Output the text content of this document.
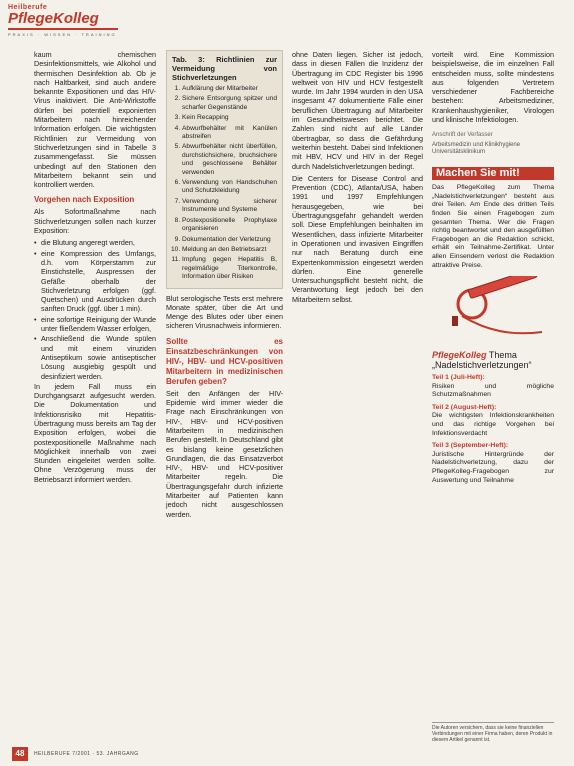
Heilberufe
PflegeKolleg
PRAXIS · WISSEN · TRAINING

kaum chemischen Desinfektionsmittels, wie Alkohol und thermischen Desinfektion ab. Ob je nach Haltbarkeit, sind auch andere bekannte Expositionen und das HIV-Virus inaktiviert. Die Anti-Wirkstoffe dürfen bei potentiell exponierten Mitarbeitern nach hinreichender Information erfolgen. Die wichtigsten Richtlinien zur Vermeidung von Stichverletzungen sind in Tabelle 3 zusammengefasst. Sie müssen unbedingt auf den Stationen den Mitarbeitern bekannt sein und kontrolliert werden.

Vorgehen nach Exposition

Als Sofortmaßnahme nach Stichverletzungen sollen nach kurzer Exposition:

• die Blutung angeregt werden,
• eine Kompression des Umfangs, d.h. vom Körperstamm zur Einstichstelle, Auspressen der Gefäße oberhalb der Stichverletzung erfolgen (ggf. Quetschen) und Ausdrücken durch sanften Druck (ggf. über 1 min).
• eine sofortige Reinigung der Wunde unter fließendem Wasser erfolgen,
• Anschließend die Wunde spülen und mit einem viruziden Antiseptikum sowie antiseptischer Lösung ausgiebig gespült und desinfiziert werden.

In jedem Fall muss ein Durchgangsarzt aufgesucht werden. Die Dokumentation und Infektionsrisiko mit Hepatitis-Übertragung muss bereits am Tag der Exposition erfolgen, wobei die postexpositionelle Maßnahme nach Möglichkeit innerhalb von zwei Stunden eingeleitet werden sollte. Ohne Verzögerung muss der Betriebsarzt informiert werden.

Tab. 3: Richtlinien zur Vermeidung von Stichverletzungen
1. Aufklärung der Mitarbeiter
2. Sichere Entsorgung spitzer und scharfer Gegenstände
3. Kein Recapping
4. Abwurfbehälter mit Kanülen abstreifen
5. Abwurfbehälter nicht überfüllen, durchstichsichere, bruchsichere und geschlossene Behälter verwenden
6. Verwendung von Handschuhen und Schutzkleidung
7. Verwendung sicherer Instrumente und Systeme
8. Postexpositionelle Prophylaxe organisieren
9. Dokumentation der Verletzung
10. Meldung an den Betriebsarzt
11. Impfung gegen Hepatitis B, regelmäßige Titerkontrolle, Information über Risiken

Blut serologische Tests erst mehrere Monate später, über die Art und Menge des Blutes oder über einen sicheren Virusnachweis informieren.

Sollte es Einsatzbeschränkungen von HIV-, HBV- und HCV-positiven Mitarbeitern in medizinischen Berufen geben?

Seit den Anfängen der HIV-Epidemie wird immer wieder die Frage nach Einschränkungen von HIV-, HBV- und HCV-positiven Mitarbeitern in medizinischen Berufen gestellt. In Deutschland gibt es bislang keine gesetzlichen Grundlagen, die das Einsatzverbot HIV-, HBV- und HCV-positiver Mitarbeiter regeln. Die Übertragungsgefahr durch infizierte Mitarbeiter auf Patienten kann jedoch nicht ausgeschlossen werden.

ohne Daten liegen. Sicher ist jedoch, dass in diesen Fällen die Inzidenz der Übertragung im CDC Register bis 1996 weltweit von HIV und HCV festgestellt wurde. Im Jahr 1994 wurden in den USA insgesamt 47 dokumentierte Fälle einer beruflichen Übertragung auf Mitarbeiter im Gesundheitswesen berichtet. Die Zahlen sind nicht auf alle Länder übertragbar, so dass die Gefährdung weiterhin besteht. Dabei sind Infektionen mit HBV, HCV und HIV in der Regel durch Nadelstichverletzungen bedingt.

Die Centers for Disease Control and Prevention (CDC), Atlanta/USA, haben 1991 und 1997 Empfehlungen herausgegeben, wie bei Übertragungsgefahr gehandelt werden soll. Diese Empfehlungen beinhalten im Wesentlichen, dass infizierte Mitarbeiter in Operationen und invasiven Eingriffen nur nach Beratung durch eine Expertenkommission eingesetzt werden dürfen. Eine generelle Untersuchungspflicht besteht nicht, die Verantwortung liegt jedoch bei den Mitarbeitern selbst.

vorteilt wird. Eine Kommission beispielsweise, die im einzelnen Fall entscheiden muss, sollte mindestens aus folgenden Vertretern verschiedener Fachbereiche bestehen: Arbeitsmediziner, Krankenhaushygieniker, Virologen und klinische Infektiologen.

Anschrift der Verfasser
Arbeitsmedizin und Klinikhygiene
Universitätsklinikum
Machen Sie mit!
Das PflegeKolleg zum Thema „Nadelstichverletzungen“ besteht aus drei Teilen. Am Ende des dritten Teils finden Sie einen Fragebogen zum gesamten Thema. Wer die Fragen richtig beantwortet und den ausgefüllten Fragebogen an die Redaktion schickt, erhält ein Teilnahme-Zertifikat. Unter allen Einsendern verlost die Redaktion attraktive Preise.
PflegeKolleg Thema
„Nadelstichverletzungen“
Teil 1 (Juli-Heft):
Risiken und mögliche Schutzmaßnahmen
Teil 2 (August-Heft):
Die wichtigsten Infektionskrankheiten und das richtige Vorgehen bei Infektionsverdacht
Teil 3 (September-Heft):
Juristische Hintergründe der Nadelstichverletzung, dazu der PflegeKolleg-Fragebogen zur Auswertung und Teilnahme
Die Autoren versichern, dass sie keine finanziellen Verbindungen mit einer Firma haben, deren Produkt in diesem Artikel genannt ist.
48	HEILBERUFE 7/2001 · 53. JAHRGANG
